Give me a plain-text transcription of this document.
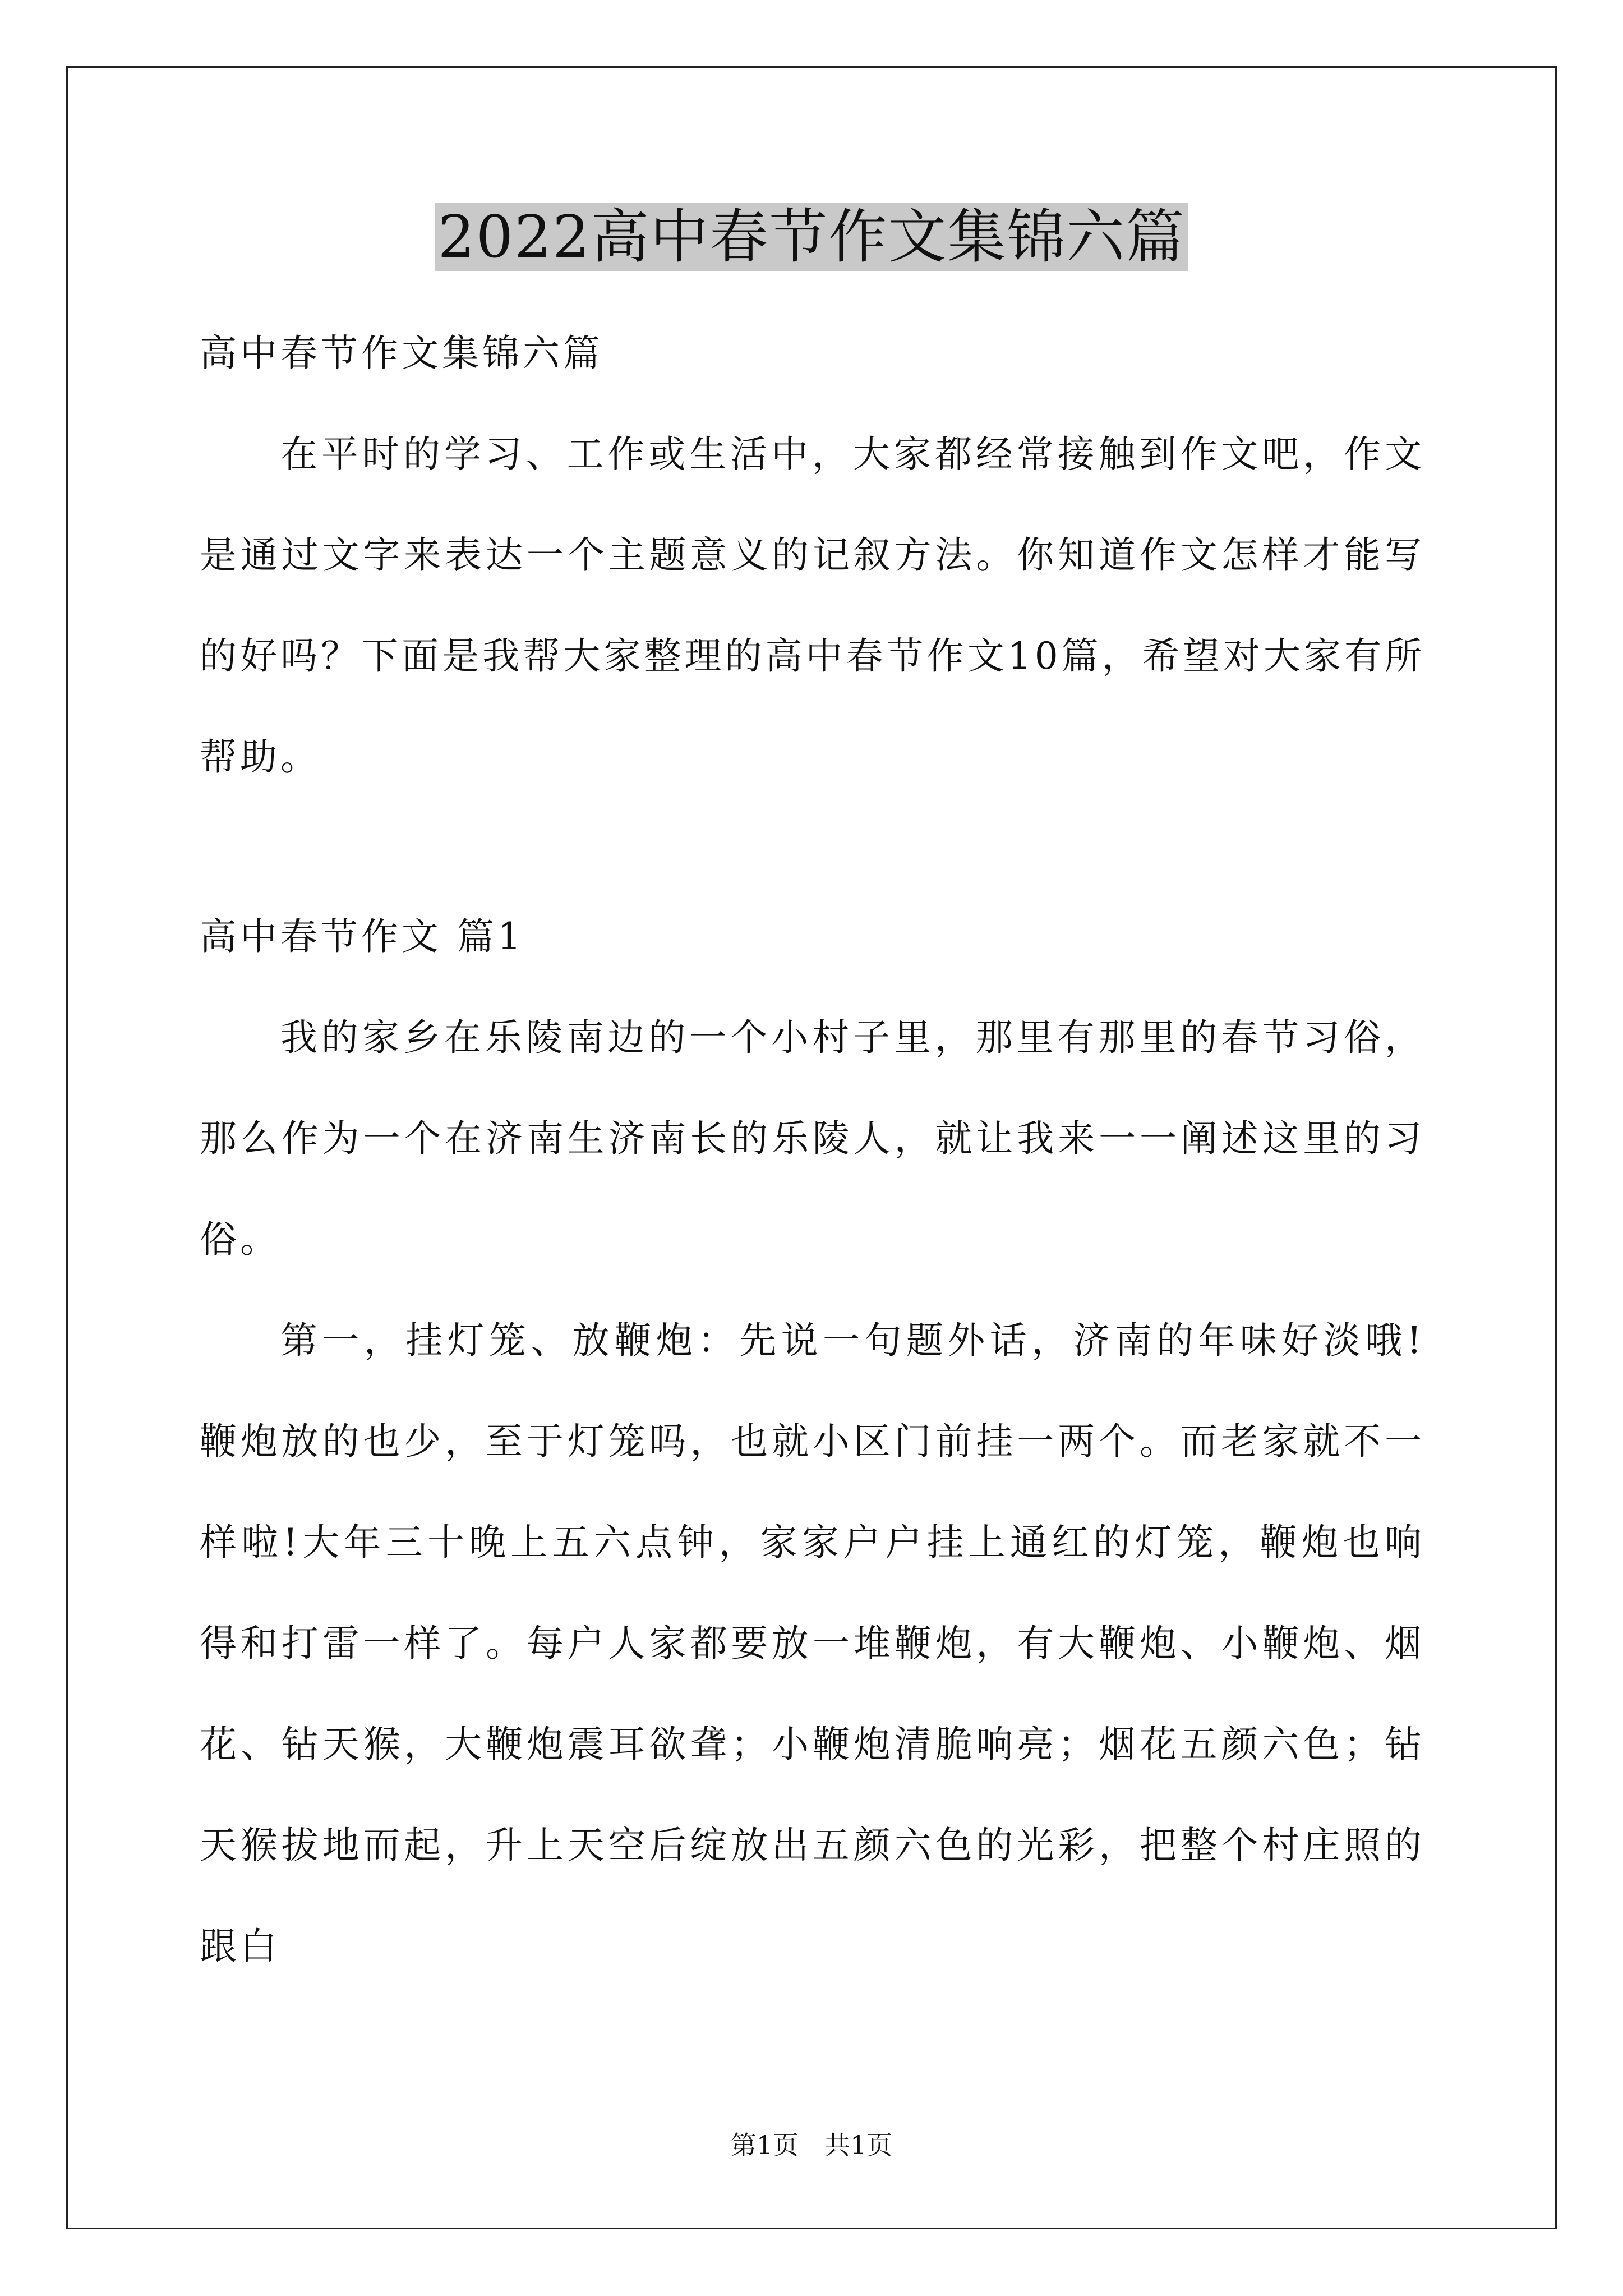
2022高中春节作文集锦六篇

高中春节作文集锦六篇

在平时的学习、工作或生活中，大家都经常接触到作文吧，作文是通过文字来表达一个主题意义的记叙方法。你知道作文怎样才能写的好吗？下面是我帮大家整理的高中春节作文10篇，希望对大家有所帮助。

高中春节作文 篇1

我的家乡在乐陵南边的一个小村子里，那里有那里的春节习俗，那么作为一个在济南生济南长的乐陵人，就让我来一一阐述这里的习俗。

第一，挂灯笼、放鞭炮：先说一句题外话，济南的年味好淡哦!鞭炮放的也少，至于灯笼吗，也就小区门前挂一两个。而老家就不一样啦!大年三十晚上五六点钟，家家户户挂上通红的灯笼，鞭炮也响得和打雷一样了。每户人家都要放一堆鞭炮，有大鞭炮、小鞭炮、烟花、钻天猴，大鞭炮震耳欲聋；小鞭炮清脆响亮；烟花五颜六色；钻天猴拔地而起，升上天空后绽放出五颜六色的光彩，把整个村庄照的跟白

第1页　共1页
